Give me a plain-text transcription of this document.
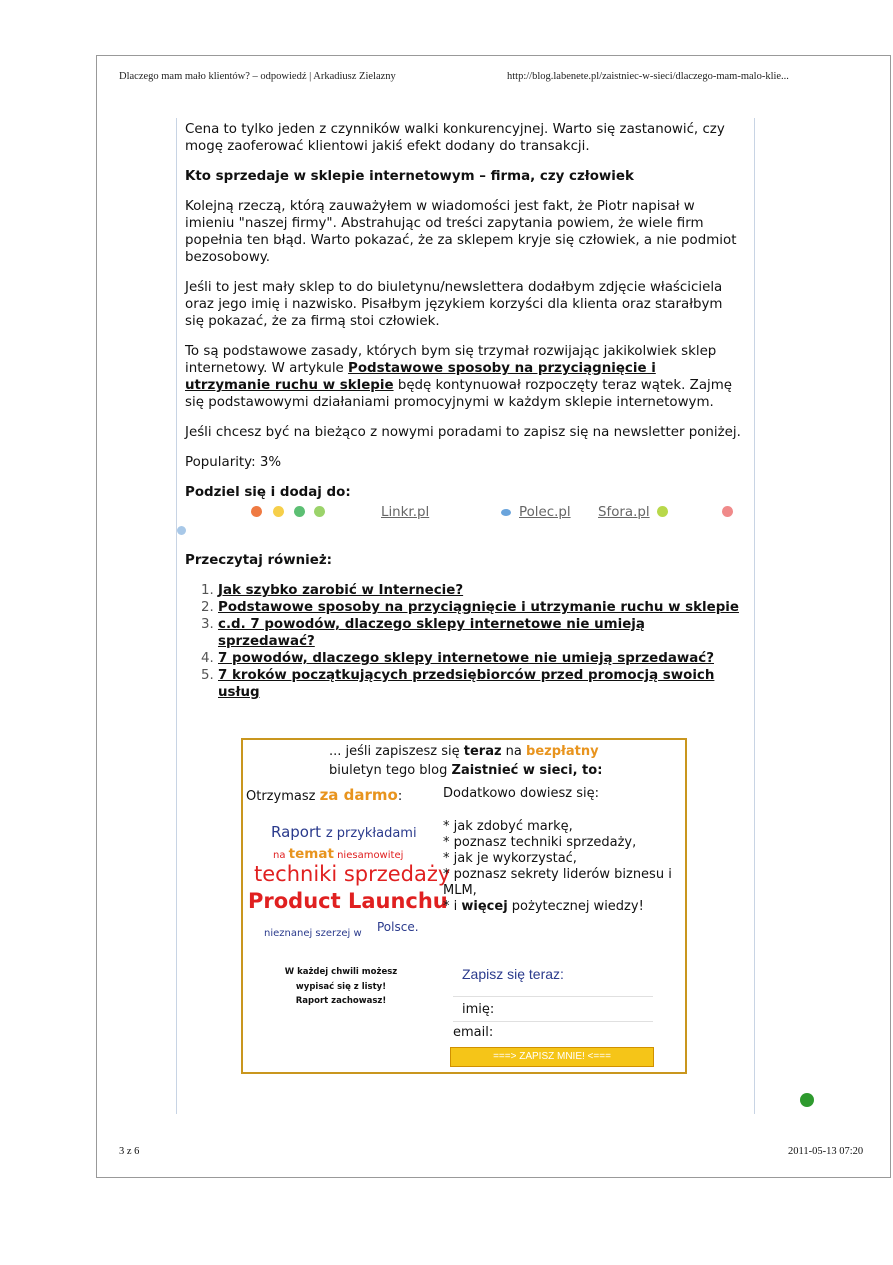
Dlaczego mam mało klientów? – odpowiedź | Arkadiusz Zielazny	http://blog.labenete.pl/zaistniec-w-sieci/dlaczego-mam-malo-klie...

Cena to tylko jeden z czynników walki konkurencyjnej. Warto się zastanowić, czy mogę zaoferować klientowi jakiś efekt dodany do transakcji.

Kto sprzedaje w sklepie internetowym – firma, czy człowiek

Kolejną rzeczą, którą zauważyłem w wiadomości jest fakt, że Piotr napisał w imieniu "naszej firmy". Abstrahując od treści zapytania powiem, że wiele firm popełnia ten błąd. Warto pokazać, że za sklepem kryje się człowiek, a nie podmiot bezosobowy.

Jeśli to jest mały sklep to do biuletynu/newslettera dodałbym zdjęcie właściciela oraz jego imię i nazwisko. Pisałbym językiem korzyści dla klienta oraz starałbym się pokazać, że za firmą stoi człowiek.

To są podstawowe zasady, których bym się trzymał rozwijając jakikolwiek sklep internetowy. W artykule Podstawowe sposoby na przyciągnięcie i utrzymanie ruchu w sklepie będę kontynuował rozpoczęty teraz wątek. Zajmę się podstawowymi działaniami promocyjnymi w każdym sklepie internetowym.

Jeśli chcesz być na bieżąco z nowymi poradami to zapisz się na newsletter poniżej.

Popularity: 3%

Podziel się i dodaj do:
Linkr.pl	Polec.pl Sfora.pl
Przeczytaj również:
1. Jak szybko zarobić w Internecie?
2. Podstawowe sposoby na przyciągnięcie i utrzymanie ruchu w sklepie
3. c.d. 7 powodów, dlaczego sklepy internetowe nie umieją sprzedawać?
4. 7 powodów, dlaczego sklepy internetowe nie umieją sprzedawać?
5. 7 kroków początkujących przedsiębiorców przed promocją swoich usług
... jeśli zapiszesz się teraz na bezpłatny
biuletyn tego blog Zaistnieć w sieci, to:
Otrzymasz za darmo:	Dodatkowo dowiesz się:
Raport z przykładami
na temat niesamowitej
techniki sprzedaży
Product Launchu
nieznanej szerzej w Polsce.
* jak zdobyć markę,
* poznasz techniki sprzedaży,
* jak je wykorzystać,
* poznasz sekrety liderów biznesu i
MLM,
* i więcej pożytecznej wiedzy!
W każdej chwili możesz
wypisać się z listy!
Raport zachowasz!
Zapisz się teraz:
imię:
email:
===> ZAPISZ MNIE! <===
3 z 6	2011-05-13 07:20
